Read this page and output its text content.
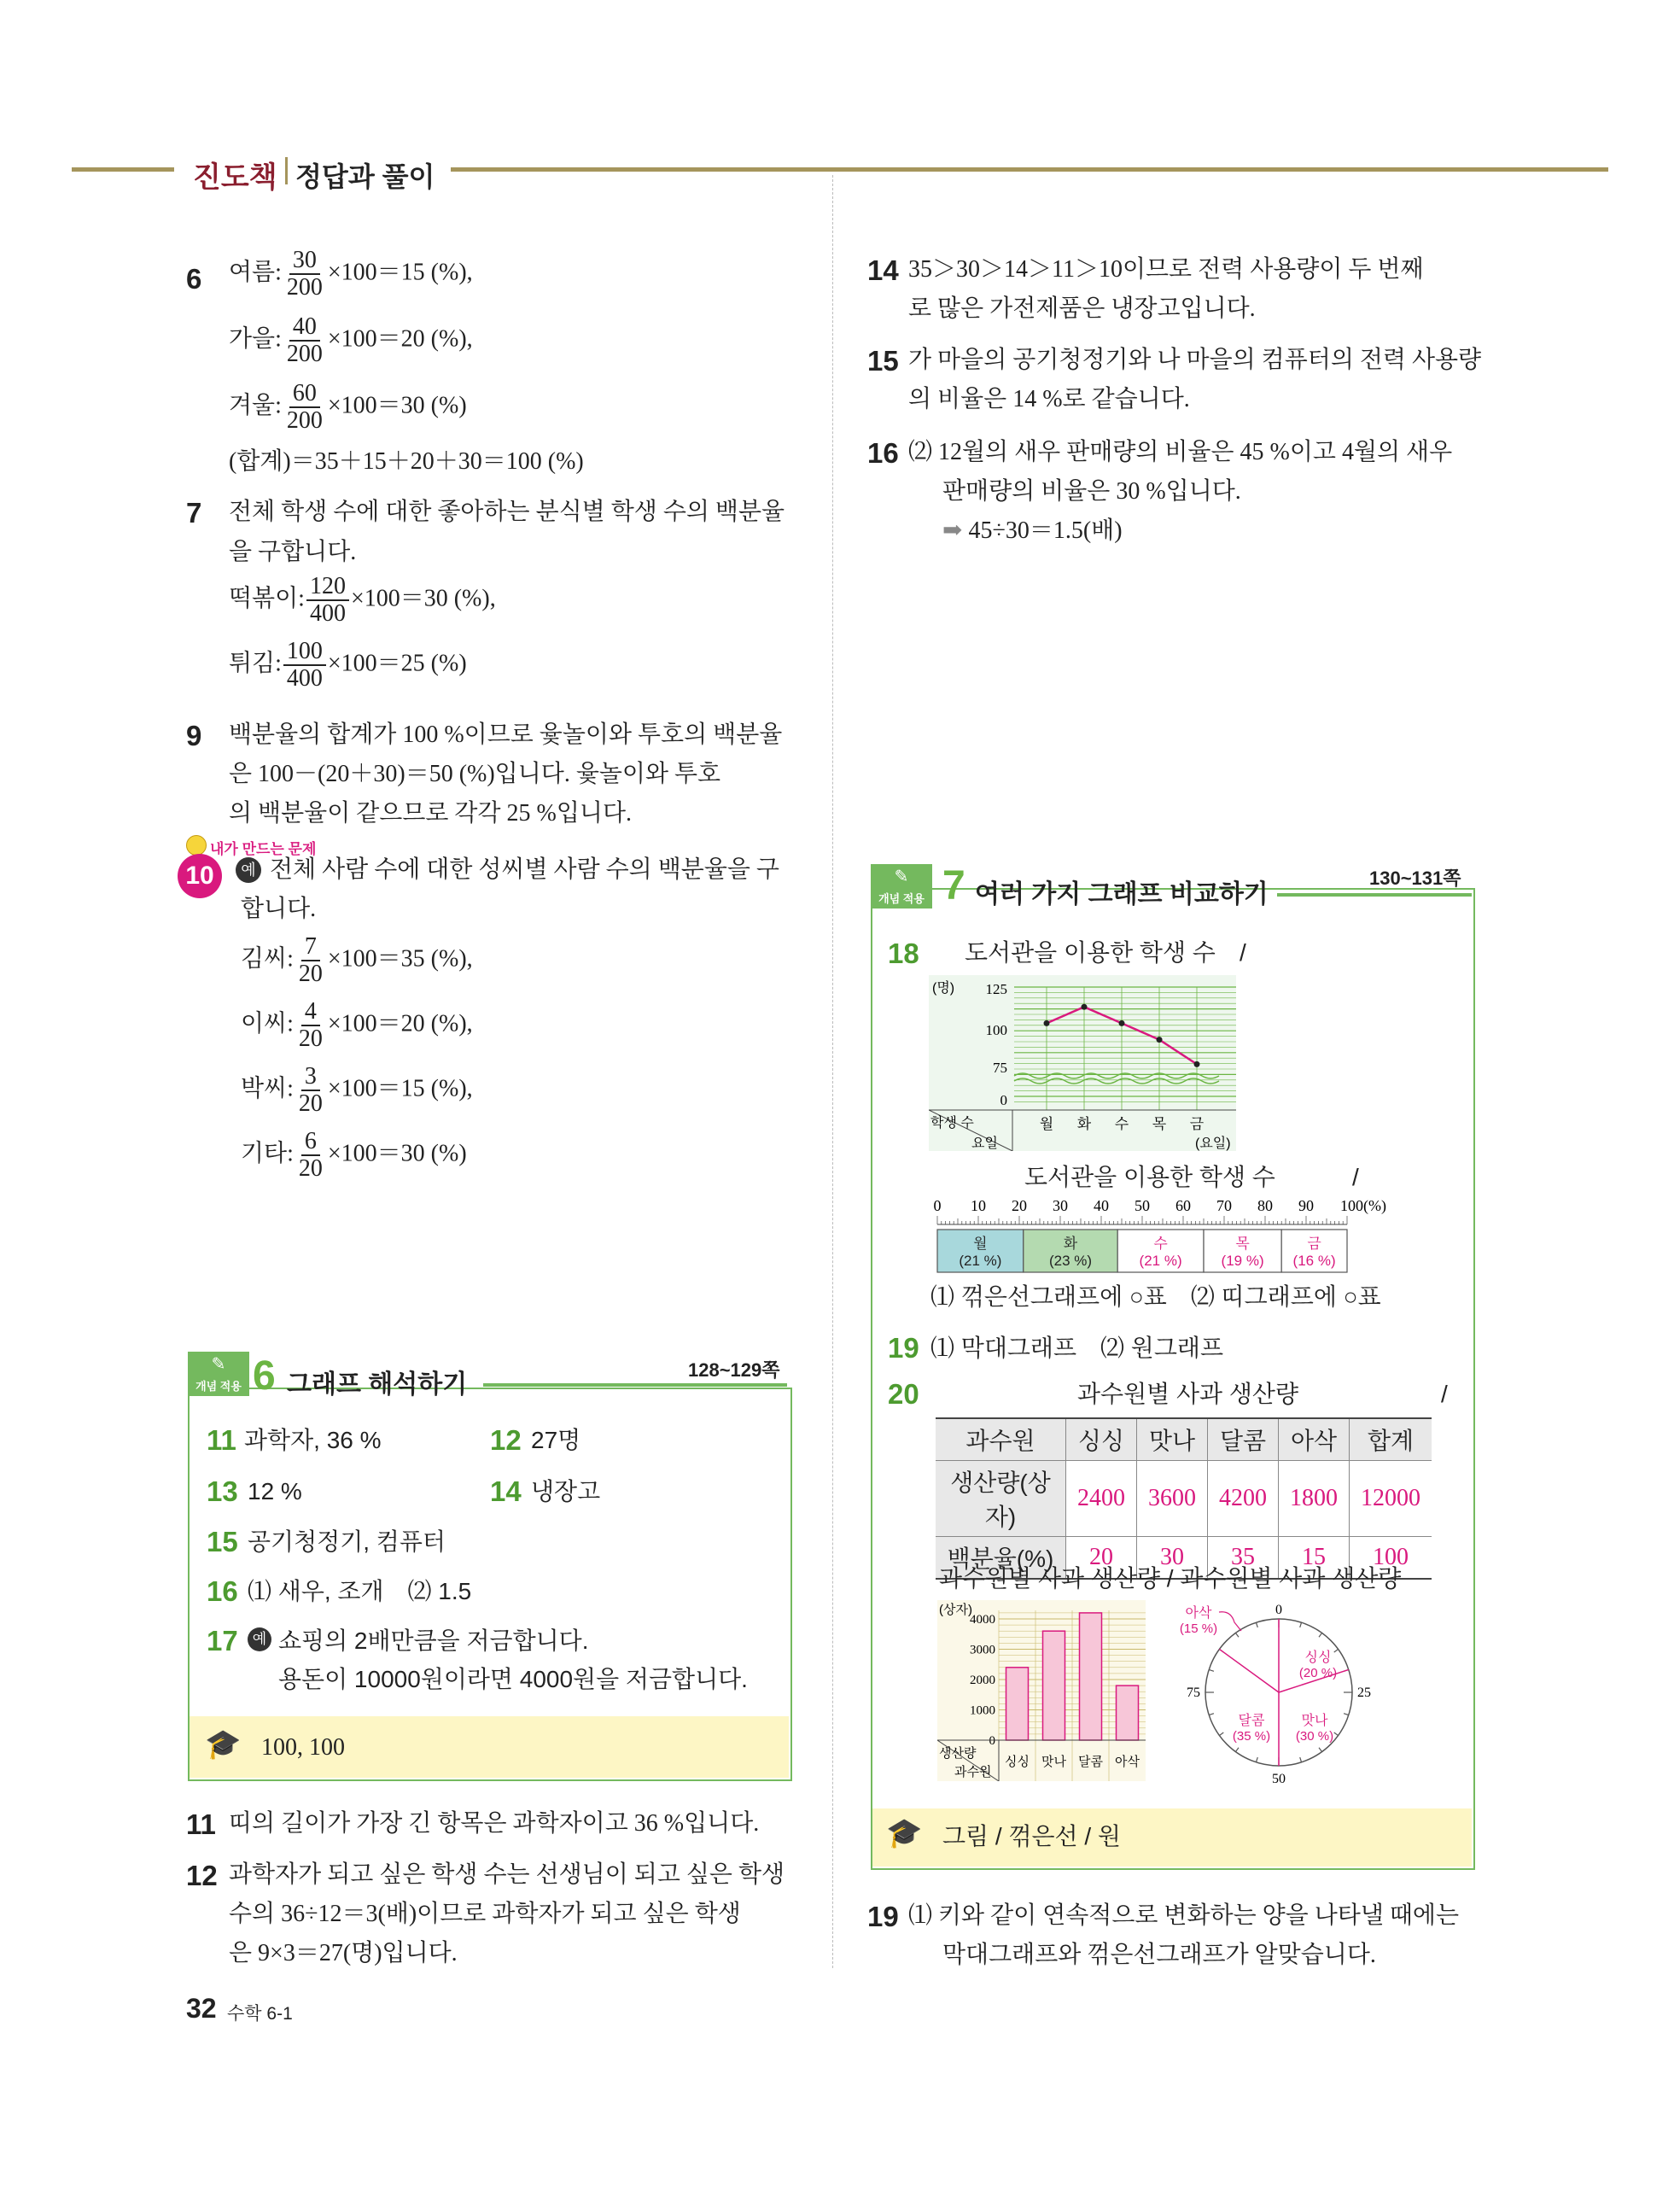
진도책 정답과 풀이
6 여름: $\frac{30}{200} \times 100=15$ (%),
가을: $\frac{40}{200} \times 100=20$ (%),
겨울: $\frac{60}{200} \times 100=30$ (%)
(합계)＝35＋15＋20＋30＝100 (%)
7 전체 학생 수에 대한 좋아하는 분식별 학생 수의 백분율
을 구합니다.
떡볶이: $\frac{120}{400} \times 100=30$ (%),
튀김: $\frac{100}{400} \times 100=25$ (%)
9 백분율의 합계가 100 %이므로 윷놀이와 투호의 백분율
은 100－(20＋30)＝50 (%)입니다. 윷놀이와 투호
의 백분율이 같으므로 각각 25 %입니다.
내가 만드는 문제
10	예 전체 사람 수에 대한 성씨별 사람 수의 백분율을 구
합니다.
김씨: $\frac{7}{20} \times 100=35$ (%),
이씨: $\frac{4}{20} \times 100=20$ (%),
박씨: $\frac{3}{20} \times 100=15$ (%),
기타: $\frac{6}{20} \times 100=30$ (%)
✎
개념 적용 6 그래프 해석하기
128~129쪽
11 과학자, 36 %	12 27명
13 12 %	14 냉장고
15 공기청정기, 컴퓨터
16 ⑴ 새우, 조개　⑵ 1.5
17	예 쇼핑의 2배만큼을 저금합니다.
용돈이 10000원이라면 4000원을 저금합니다.
🎓 100, 100
11 띠의 길이가 가장 긴 항목은 과학자이고 36 %입니다.
12 과학자가 되고 싶은 학생 수는 선생님이 되고 싶은 학생
수의 36÷12＝3(배)이므로 과학자가 되고 싶은 학생
은 9×3＝27(명)입니다.
14 35＞30＞14＞11＞10이므로 전력 사용량이 두 번째
로 많은 가전제품은 냉장고입니다.
15 가 마을의 공기청정기와 나 마을의 컴퓨터의 전력 사용량
의 비율은 14 %로 같습니다.
16 ⑵ 12월의 새우 판매량의 비율은 45 %이고 4월의 새우
판매량의 비율은 30 %입니다.
➡ 45÷30＝1.5(배)
✎
개념 적용 7 여러 가지 그래프 비교하기
130~131쪽
18 도서관을 이용한 학생 수 /
(명) 125
100
75
0
학생 수
요일	(요일)
월 화 수 목 금
도서관을 이용한 학생 수	/
0 10 20 30 40 50 60 70 80 90 100(%)
월
(21 %)
화
(23 %)
수
(21 %)
목
(19 %)
금
(16 %)
⑴ 꺾은선그래프에 ○표　⑵ 띠그래프에 ○표
19 ⑴ 막대그래프　⑵ 원그래프
20	과수원별 사과 생산량	/
과수원	싱싱	맛나	달콤	아삭	합계
생산량(상자)	2400	3600	4200	1800	12000
백분율(%)	20	30	35	15	100
과수원별 사과 생산량 / 과수원별 사과 생산량
(상자)
4000
3000
2000
1000
0
생산량
과수원
싱싱 맛나 달콤 아삭
0
25
50
75
싱싱
(20 %)
맛나
(30 %)
달콤
(35 %)
아삭
(15 %)
🎓 그림 / 꺾은선 / 원
19 ⑴ 키와 같이 연속적으로 변화하는 양을 나타낼 때에는
막대그래프와 꺾은선그래프가 알맞습니다.
32 수학 6-1
